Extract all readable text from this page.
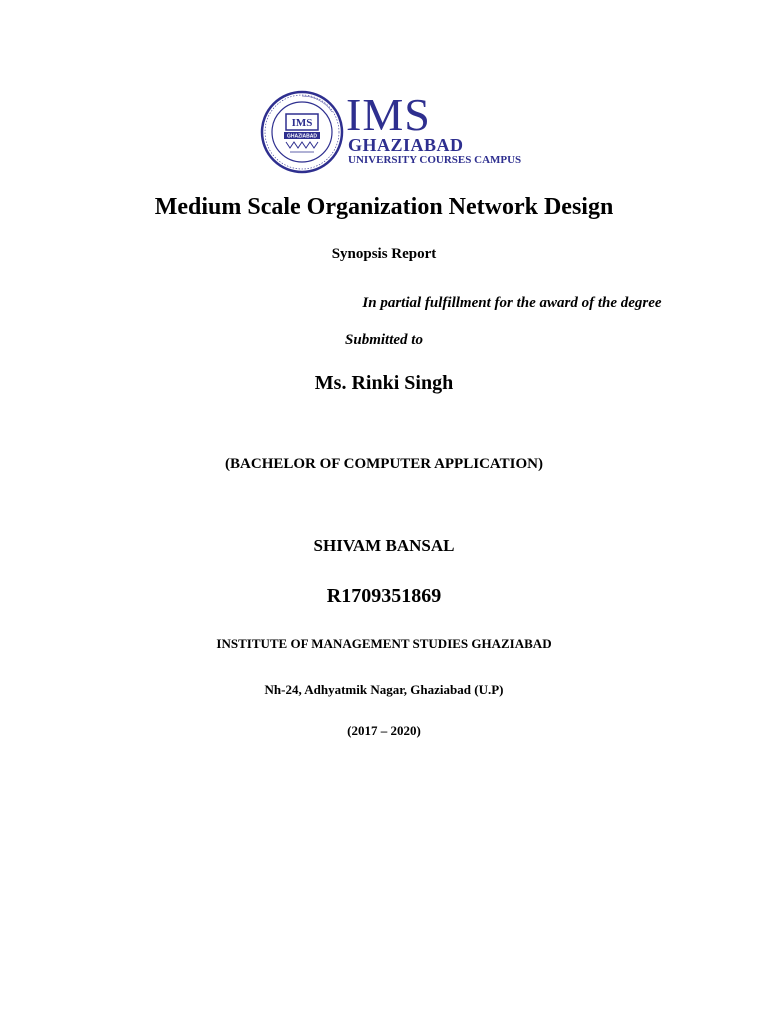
IMS
GHAZIABAD IMS
GHAZIABAD
UNIVERSITY COURSES CAMPUS
Medium Scale Organization Network Design
Synopsis Report
In partial fulfillment for the award of the degree
Submitted to
Ms. Rinki Singh
(BACHELOR OF COMPUTER APPLICATION)
SHIVAM BANSAL
R1709351869
INSTITUTE OF MANAGEMENT STUDIES GHAZIABAD
Nh-24, Adhyatmik Nagar, Ghaziabad (U.P)
(2017 – 2020)
